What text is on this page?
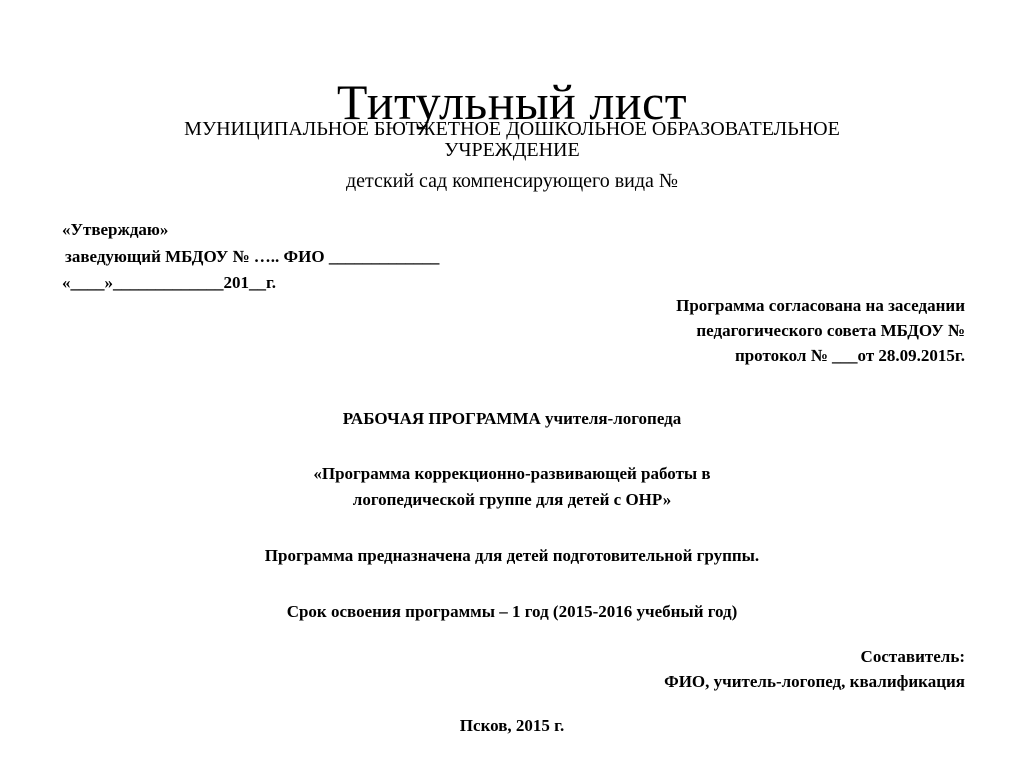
Титульный лист
МУНИЦИПАЛЬНОЕ БЮТЖЕТНОЕ ДОШКОЛЬНОЕ ОБРАЗОВАТЕЛЬНОЕ
УЧРЕЖДЕНИЕ
детский сад компенсирующего вида №
«Утверждаю»
заведующий МБДОУ № ….. ФИО _____________
«____»_____________201__г.
Программа согласована на заседании
педагогического совета МБДОУ №
протокол № ___от 28.09.2015г.
РАБОЧАЯ ПРОГРАММА учителя-логопеда
«Программа коррекционно-развивающей работы в
логопедической группе для детей с ОНР»
Программа предназначена для детей подготовительной группы.
Срок освоения программы – 1 год (2015-2016 учебный год)
Составитель:
ФИО, учитель-логопед, квалификация
Псков, 2015 г.
